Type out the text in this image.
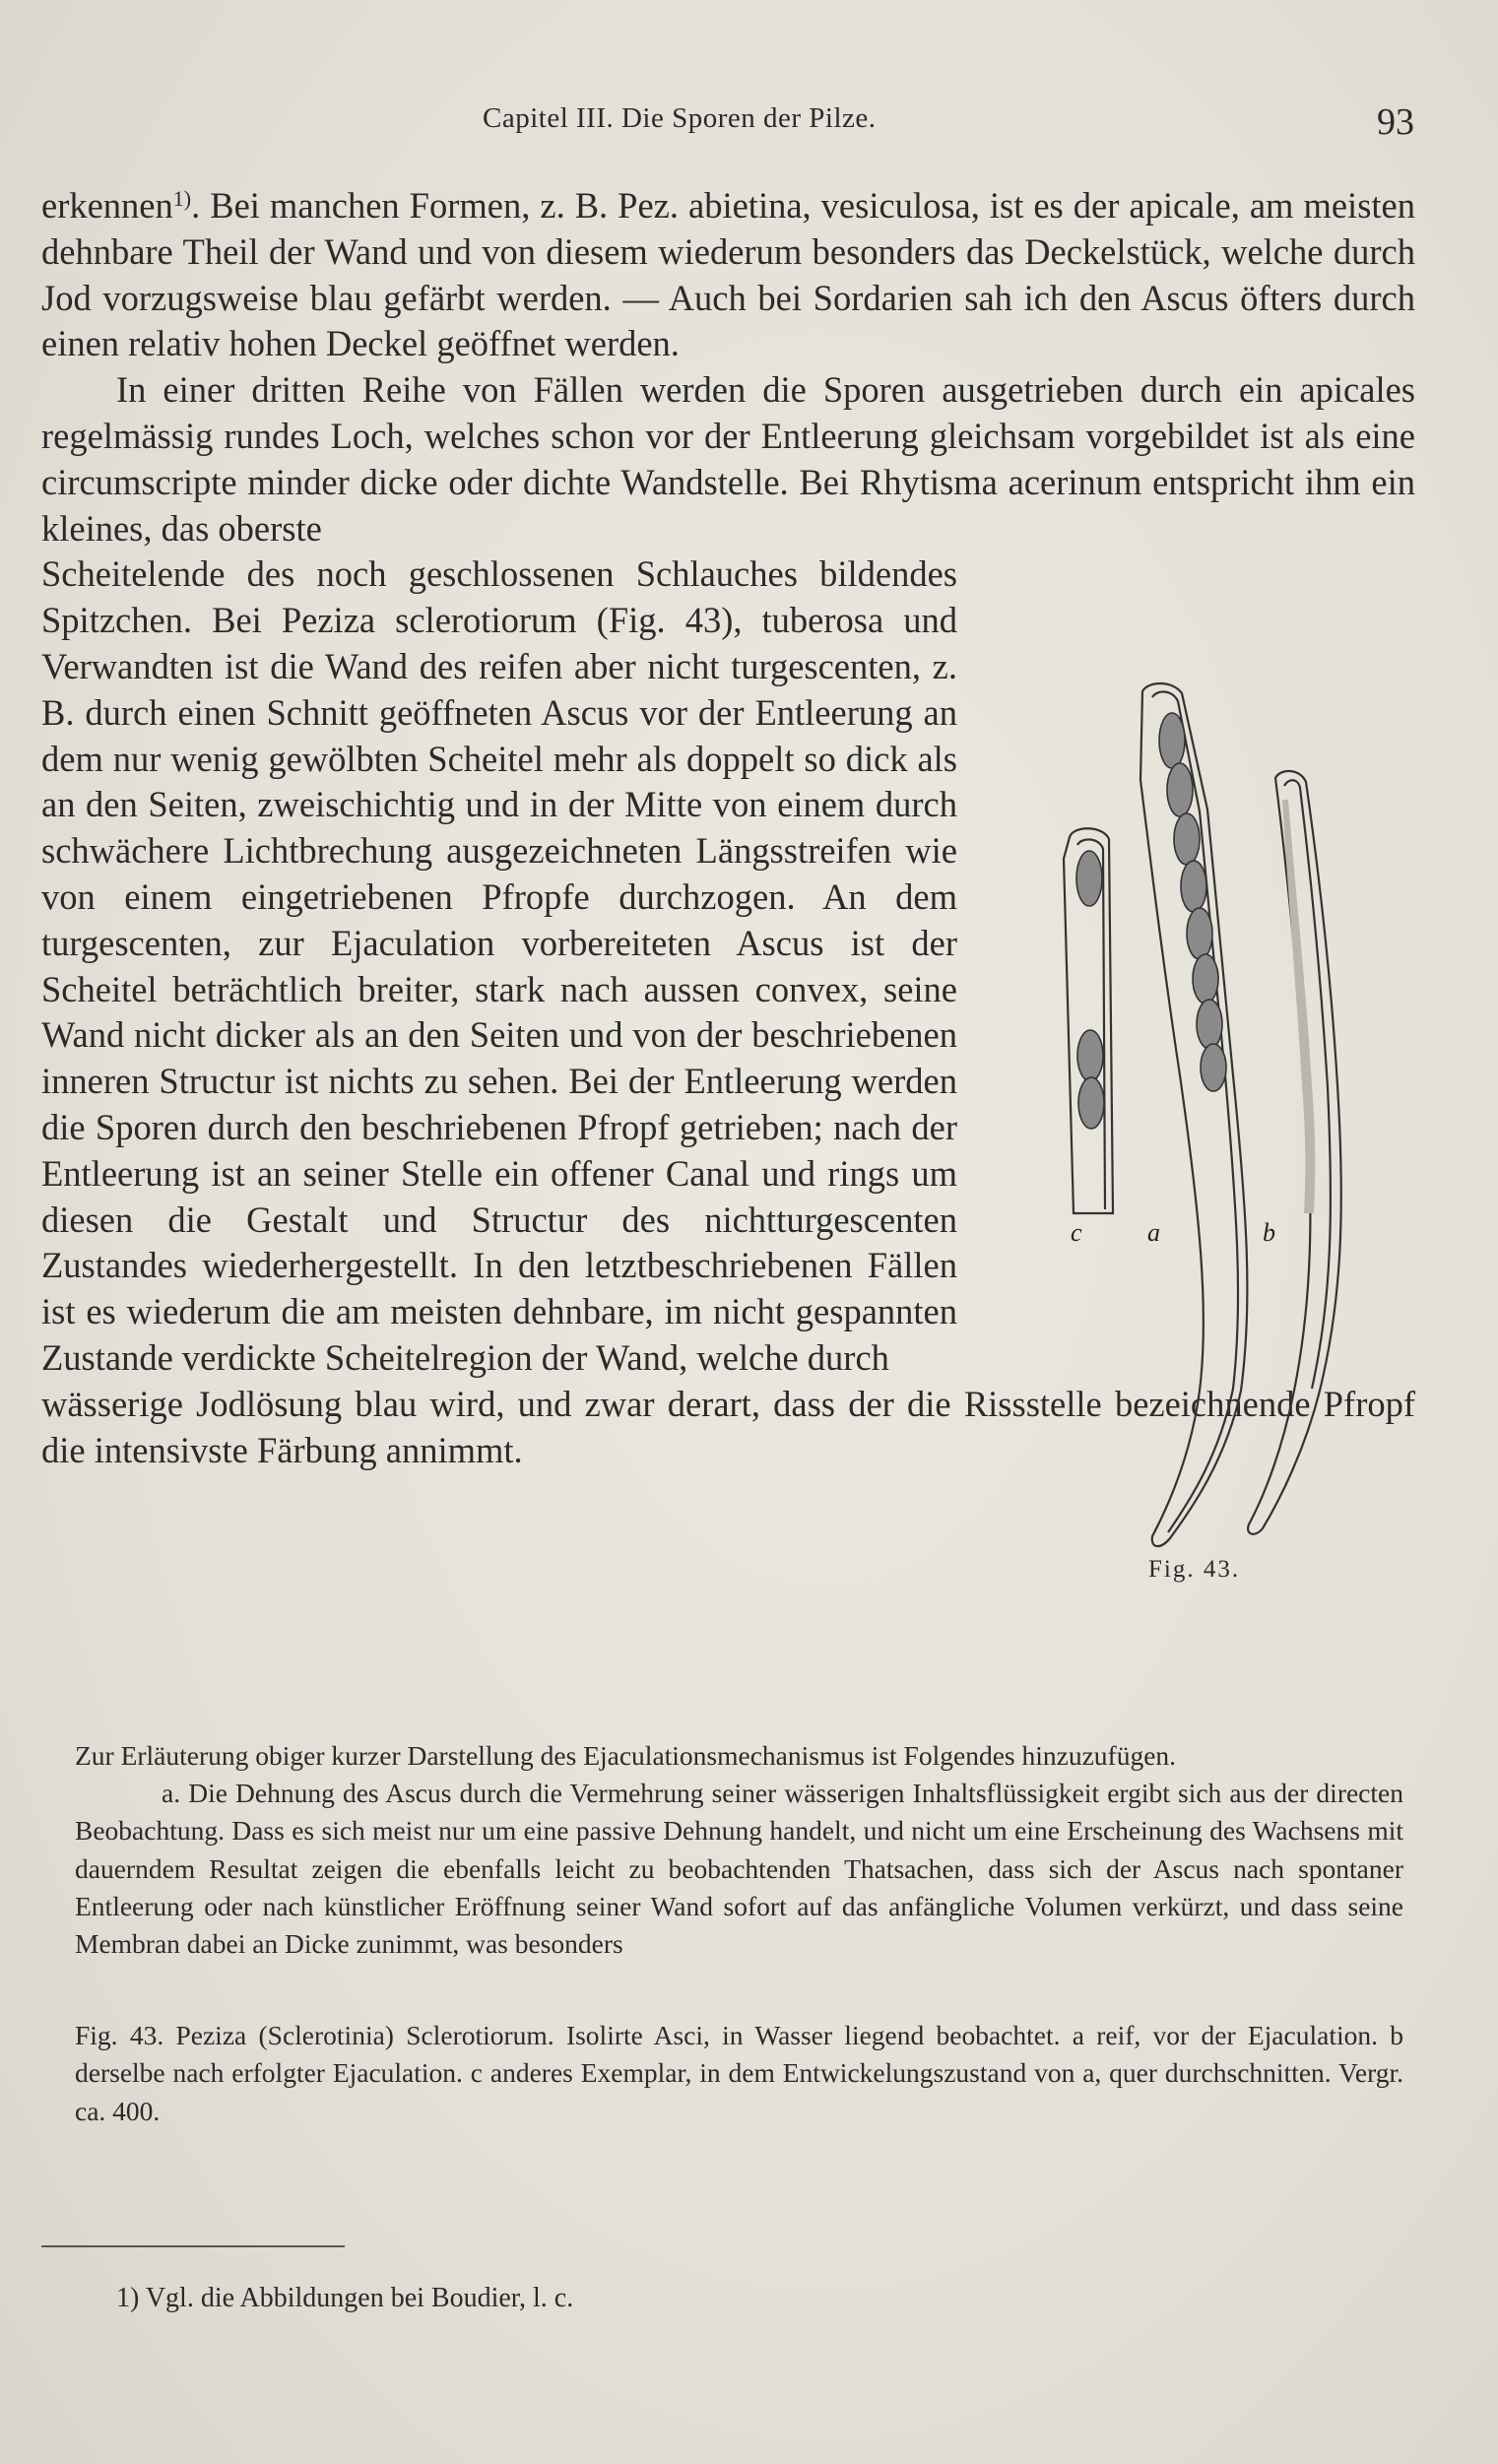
Capitel III. Die Sporen der Pilze.	93

erkennen$^{1)}$. Bei manchen Formen, z. B. Pez. abietina, vesiculosa, ist es der apicale, am meisten dehnbare Theil der Wand und von diesem wiederum besonders das Deckelstück, welche durch Jod vorzugsweise blau gefärbt werden. — Auch bei Sordarien sah ich den Ascus öfters durch einen relativ hohen Deckel geöffnet werden.

In einer dritten Reihe von Fällen werden die Sporen ausgetrieben durch ein apicales regelmässig rundes Loch, welches schon vor der Entleerung gleichsam vorgebildet ist als eine circumscripte minder dicke oder dichte Wandstelle. Bei Rhytisma acerinum entspricht ihm ein kleines, das oberste

Scheitelende des noch geschlossenen Schlauches bildendes Spitzchen. Bei Peziza sclerotiorum (Fig. 43), tuberosa und Verwandten ist die Wand des reifen aber nicht turgescenten, z. B. durch einen Schnitt geöffneten Ascus vor der Entleerung an dem nur wenig gewölbten Scheitel mehr als doppelt so dick als an den Seiten, zweischichtig und in der Mitte von einem durch schwächere Lichtbrechung ausgezeichneten Längsstreifen wie von einem eingetriebenen Pfropfe durchzogen. An dem turgescenten, zur Ejaculation vorbereiteten Ascus ist der Scheitel beträchtlich breiter, stark nach aussen convex, seine Wand nicht dicker als an den Seiten und von der beschriebenen inneren Structur ist nichts zu sehen. Bei der Entleerung werden die Sporen durch den beschriebenen Pfropf getrieben; nach der Entleerung ist an seiner Stelle ein offener Canal und rings um diesen die Gestalt und Structur des nichtturgescenten Zustandes wiederhergestellt. In den letztbeschriebenen Fällen ist es wiederum die am meisten dehnbare, im nicht gespannten Zustande verdickte Scheitelregion der Wand, welche durch

wässerige Jodlösung blau wird, und zwar derart, dass der die Rissstelle bezeichnende Pfropf die intensivste Färbung annimmt.

c	a	b
Fig. 43.

Zur Erläuterung obiger kurzer Darstellung des Ejaculationsmechanismus ist Folgendes hinzuzufügen.

a. Die Dehnung des Ascus durch die Vermehrung seiner wässerigen Inhaltsflüssigkeit ergibt sich aus der directen Beobachtung. Dass es sich meist nur um eine passive Dehnung handelt, und nicht um eine Erscheinung des Wachsens mit dauerndem Resultat zeigen die ebenfalls leicht zu beobachtenden Thatsachen, dass sich der Ascus nach spontaner Entleerung oder nach künstlicher Eröffnung seiner Wand sofort auf das anfängliche Volumen verkürzt, und dass seine Membran dabei an Dicke zunimmt, was besonders

Fig. 43. Peziza (Sclerotinia) Sclerotiorum. Isolirte Asci, in Wasser liegend beobachtet. a reif, vor der Ejaculation. b derselbe nach erfolgter Ejaculation. c anderes Exemplar, in dem Entwickelungszustand von a, quer durchschnitten. Vergr. ca. 400.

1) Vgl. die Abbildungen bei Boudier, l. c.
